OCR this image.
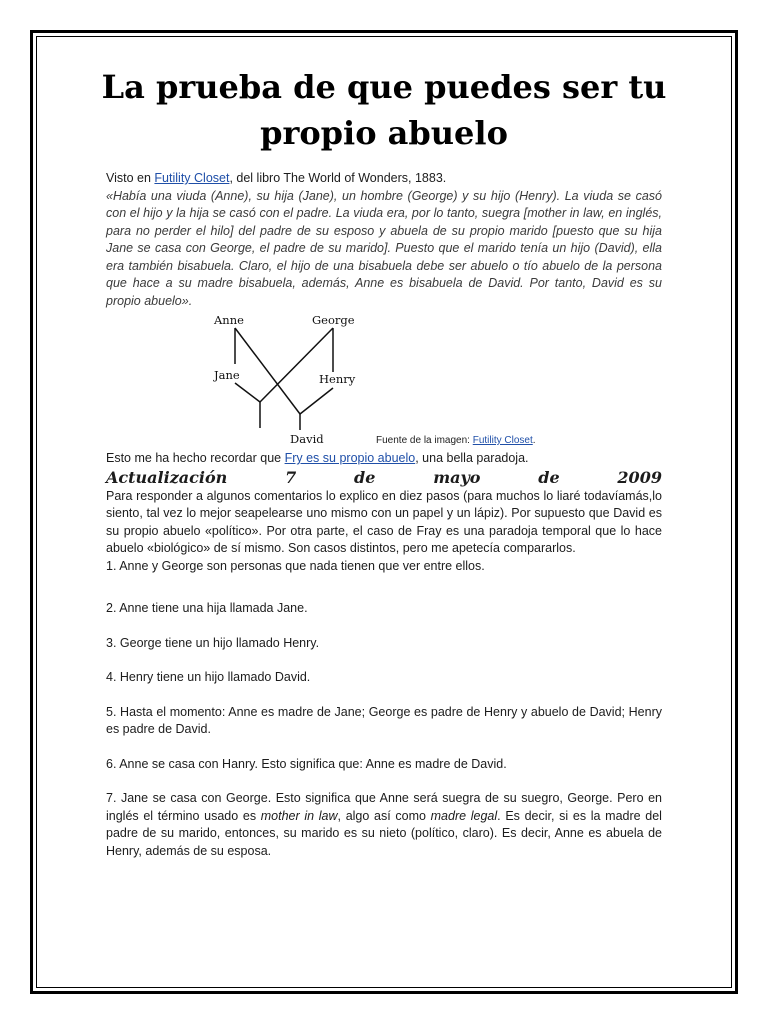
La prueba de que puedes ser tu propio abuelo

Visto en Futility Closet, del libro The World of Wonders, 1883.

«Había una viuda (Anne), su hija (Jane), un hombre (George) y su hijo (Henry). La viuda se casó con el hijo y la hija se casó con el padre. La viuda era, por lo tanto, suegra [mother in law, en inglés, para no perder el hilo] del padre de su esposo y abuela de su propio marido [puesto que su hija Jane se casa con George, el padre de su marido]. Puesto que el marido tenía un hijo (David), ella era también bisabuela. Claro, el hijo de una bisabuela debe ser abuelo o tío abuelo de la persona que hace a su madre bisabuela, además, Anne es bisabuela de David. Por tanto, David es su propio abuelo».

Anne	George
Jane	Henry
David	Fuente de la imagen: Futility Closet.

Esto me ha hecho recordar que Fry es su propio abuelo, una bella paradoja.

Actualización	7	de	mayo	de	2009

Para responder a algunos comentarios lo explico en diez pasos (para muchos lo liaré todavíamás,lo siento, tal vez lo mejor seapelearse uno mismo con un papel y un lápiz). Por supuesto que David es su propio abuelo «político». Por otra parte, el caso de Fray es una paradoja temporal que lo hace abuelo «biológico» de sí mismo. Son casos distintos, pero me apetecía compararlos.

1. Anne y George son personas que nada tienen que ver entre ellos.
2. Anne tiene una hija llamada Jane.
3. George tiene un hijo llamado Henry.
4. Henry tiene un hijo llamado David.
5. Hasta el momento: Anne es madre de Jane; George es padre de Henry y abuelo de David; Henry es padre de David.
6. Anne se casa con Hanry. Esto significa que: Anne es madre de David.
7. Jane se casa con George. Esto significa que Anne será suegra de su suegro, George. Pero en inglés el término usado es mother in law, algo así como madre legal. Es decir, si es la madre del padre de su marido, entonces, su marido es su nieto (político, claro). Es decir, Anne es abuela de Henry, además de su esposa.
